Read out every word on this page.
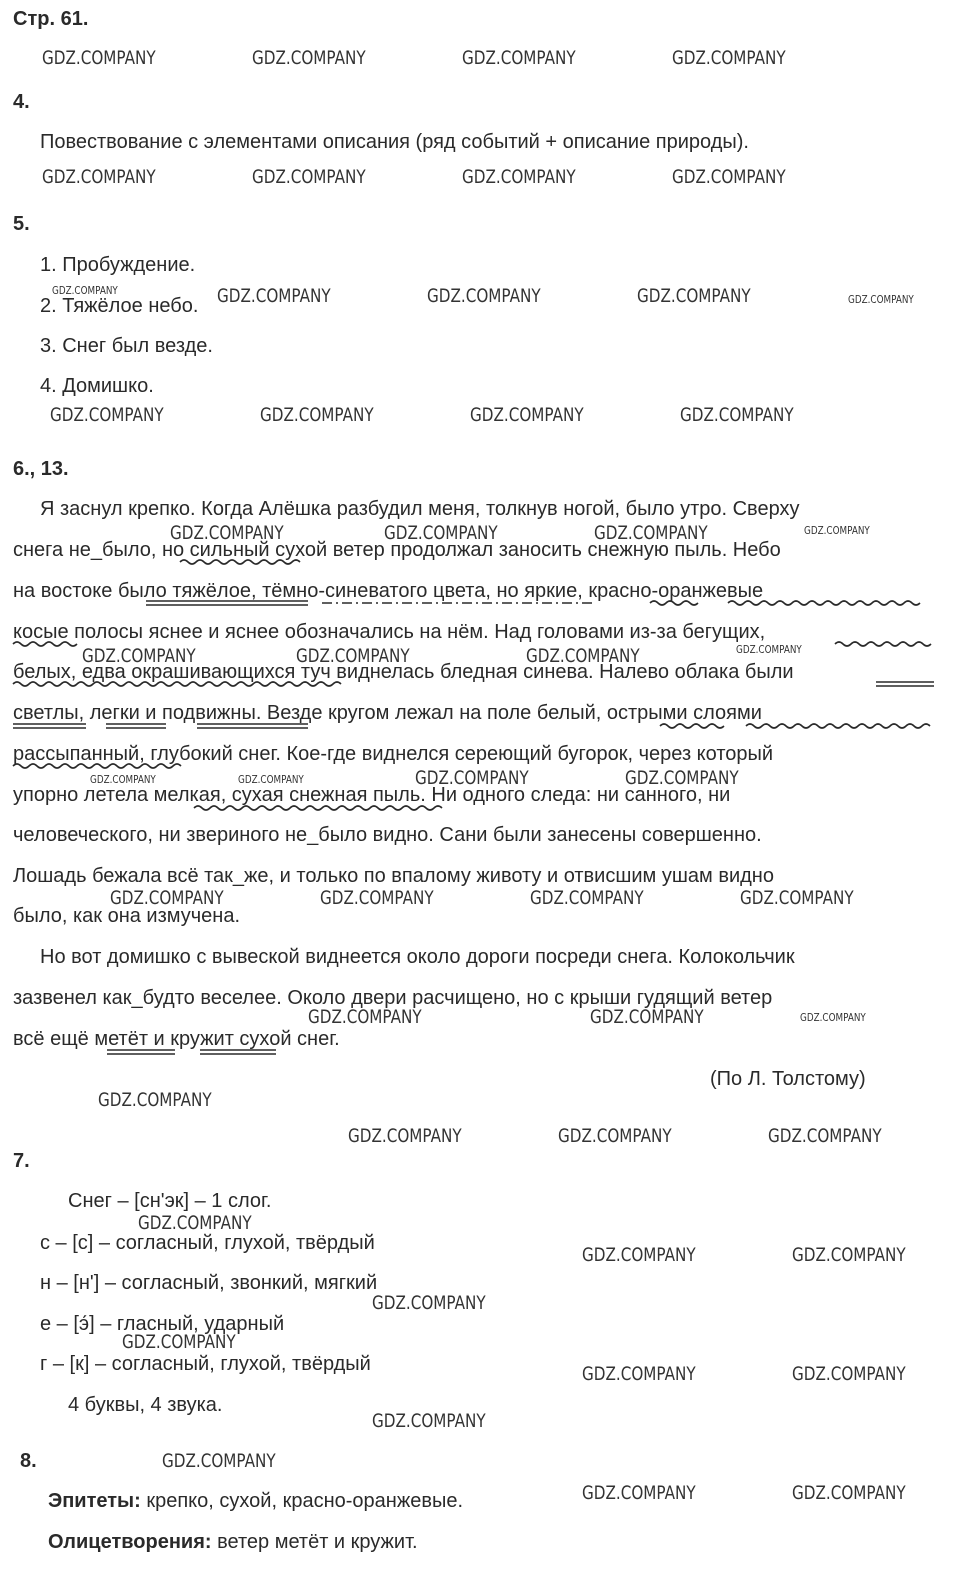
Стр. 61.
GDZ.COMPANY	GDZ.COMPANY	GDZ.COMPANY	GDZ.COMPANY
4.
Повествование с элементами описания (ряд событий + описание природы).
GDZ.COMPANY	GDZ.COMPANY	GDZ.COMPANY	GDZ.COMPANY
5.
1. Пробуждение.
2. Тяжёлое небо.
3. Снег был везде.
4. Домишко.
GDZ.COMPANY	GDZ.COMPANY	GDZ.COMPANY	GDZ.COMPANY	GDZ.COMPANY
GDZ.COMPANY	GDZ.COMPANY	GDZ.COMPANY	GDZ.COMPANY
6., 13.
Я заснул крепко. Когда Алёшка разбудил меня, толкнув ногой, было утро. Сверху
снега не_было, но сильный сухой ветер продолжал заносить снежную пыль. Небо
на востоке было тяжёлое, тёмно-синеватого цвета, но яркие, красно-оранжевые
косые полосы яснее и яснее обозначались на нём. Над головами из-за бегущих,
белых, едва окрашивающихся туч виднелась бледная синева. Налево облака были
светлы, легки и подвижны. Везде кругом лежал на поле белый, острыми слоями
рассыпанный, глубокий снег. Кое-где виднелся сереющий бугорок, через который
упорно летела мелкая, сухая снежная пыль. Ни одного следа: ни санного, ни
человеческого, ни звериного не_было видно. Сани были занесены совершенно.
Лошадь бежала всё так_же, и только по впалому животу и отвисшим ушам видно
было, как она измучена.
Но вот домишко с вывеской виднеется около дороги посреди снега. Колокольчик
зазвенел как_будто веселее. Около двери расчищено, но с крыши гудящий ветер
всё ещё метёт и кружит сухой снег.
GDZ.COMPANY	GDZ.COMPANY	GDZ.COMPANY	GDZ.COMPANY
GDZ.COMPANY	GDZ.COMPANY	GDZ.COMPANY	GDZ.COMPANY
GDZ.COMPANY	GDZ.COMPANY	GDZ.COMPANY	GDZ.COMPANY
GDZ.COMPANY	GDZ.COMPANY	GDZ.COMPANY	GDZ.COMPANY
GDZ.COMPANY	GDZ.COMPANY	GDZ.COMPANY
(По Л. Толстому)
GDZ.COMPANY
GDZ.COMPANY	GDZ.COMPANY	GDZ.COMPANY
7.
Снег – [сн'эк] – 1 слог.
с – [с] – согласный, глухой, твёрдый
н – [н'] – согласный, звонкий, мягкий
е – [э́] – гласный, ударный
г – [к] – согласный, глухой, твёрдый
4 буквы, 4 звука.
GDZ.COMPANY
GDZ.COMPANY	GDZ.COMPANY
GDZ.COMPANY
GDZ.COMPANY
GDZ.COMPANY	GDZ.COMPANY
GDZ.COMPANY
8.	GDZ.COMPANY
Эпитеты: крепко, сухой, красно-оранжевые.
Олицетворения: ветер метёт и кружит.
GDZ.COMPANY	GDZ.COMPANY
